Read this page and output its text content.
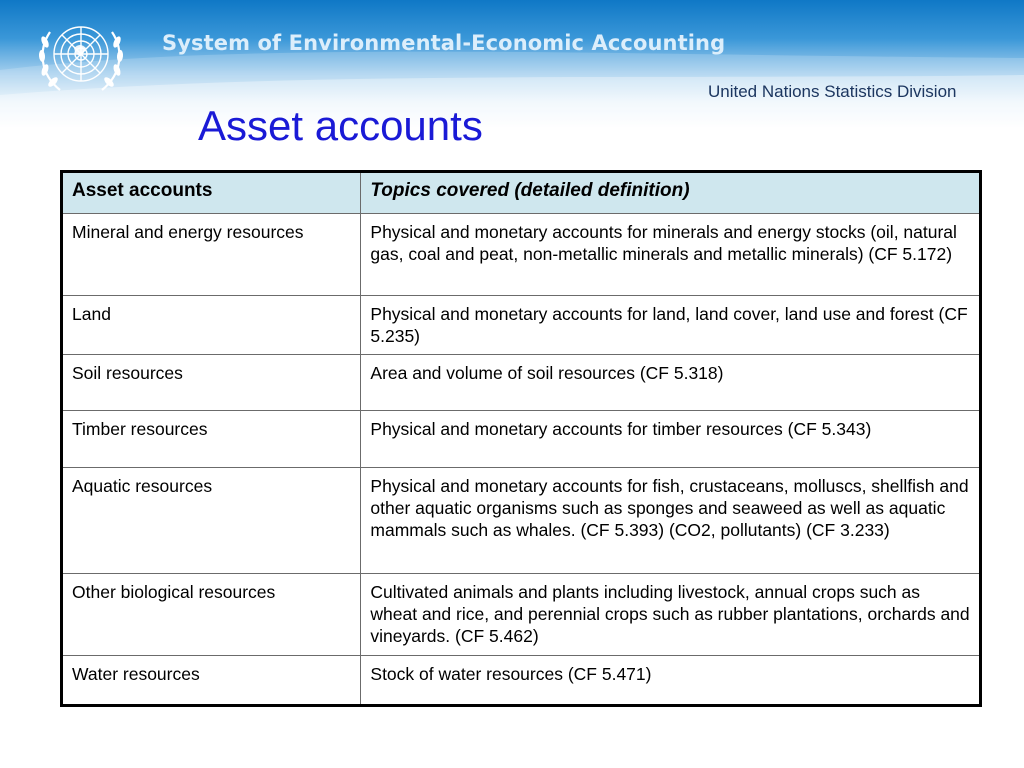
System of Environmental-Economic Accounting
United Nations Statistics Division
Asset accounts
Asset accounts	Topics covered (detailed definition)
Mineral and energy resources	Physical and monetary accounts for minerals and energy stocks (oil, natural gas, coal and peat, non-metallic minerals and metallic minerals) (CF 5.172)
Land	Physical and monetary accounts for land, land cover, land use and forest (CF 5.235)
Soil resources	Area and volume of soil resources (CF 5.318)
Timber resources	Physical and monetary accounts for timber resources (CF 5.343)
Aquatic resources	Physical and monetary accounts for fish, crustaceans, molluscs, shellfish and other aquatic organisms such as sponges and seaweed as well as aquatic mammals such as whales. (CF 5.393) (CO2, pollutants) (CF 3.233)
Other biological resources	Cultivated animals and plants including livestock, annual crops such as wheat and rice, and perennial crops such as rubber plantations, orchards and vineyards. (CF 5.462)
Water resources	Stock of water resources (CF 5.471)
